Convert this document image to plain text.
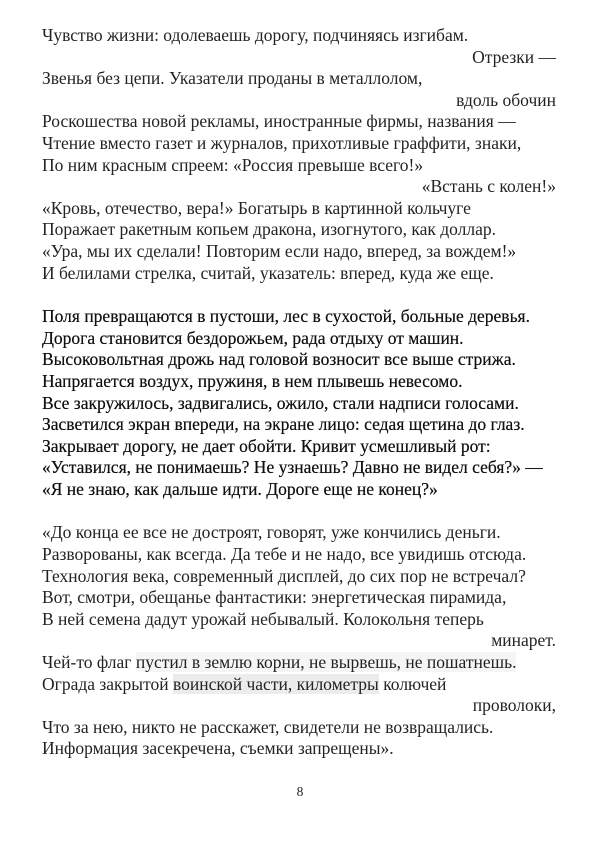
Чувство жизни: одолеваешь дорогу, подчиняясь изгибам.
Отрезки —
Звенья без цепи. Указатели проданы в металлолом,
вдоль обочин
Роскошества новой рекламы, иностранные фирмы, названия —
Чтение вместо газет и журналов, прихотливые граффити, знаки,
По ним красным спреем: «Россия превыше всего!»
«Встань с колен!»
«Кровь, отечество, вера!» Богатырь в картинной кольчуге
Поражает ракетным копьем дракона, изогнутого, как доллар.
«Ура, мы их сделали! Повторим если надо, вперед, за вождем!»
И белилами стрелка, считай, указатель: вперед, куда же еще.
Поля превращаются в пустоши, лес в сухостой, больные деревья.
Дорога становится бездорожьем, рада отдыху от машин.
Высоковольтная дрожь над головой возносит все выше стрижа.
Напрягается воздух, пружиня, в нем плывешь невесомо.
Все закружилось, задвигались, ожило, стали надписи голосами.
Засветился экран впереди, на экране лицо: седая щетина до глаз.
Закрывает дорогу, не дает обойти. Кривит усмешливый рот:
«Уставился, не понимаешь? Не узнаешь? Давно не видел себя?» —
«Я не знаю, как дальше идти. Дороге еще не конец?»
«До конца ее все не достроят, говорят, уже кончились деньги.
Разворованы, как всегда. Да тебе и не надо, все увидишь отсюда.
Технология века, современный дисплей, до сих пор не встречал?
Вот, смотри, обещанье фантастики: энергетическая пирамида,
В ней семена дадут урожай небывалый. Колокольня теперь
минарет.
Чей-то флаг пустил в землю корни, не вырвешь, не пошатнешь.
Ограда закрытой воинской части, километры колючей
проволоки,
Что за нею, никто не расскажет, свидетели не возвращались.
Информация засекречена, съемки запрещены».
8
